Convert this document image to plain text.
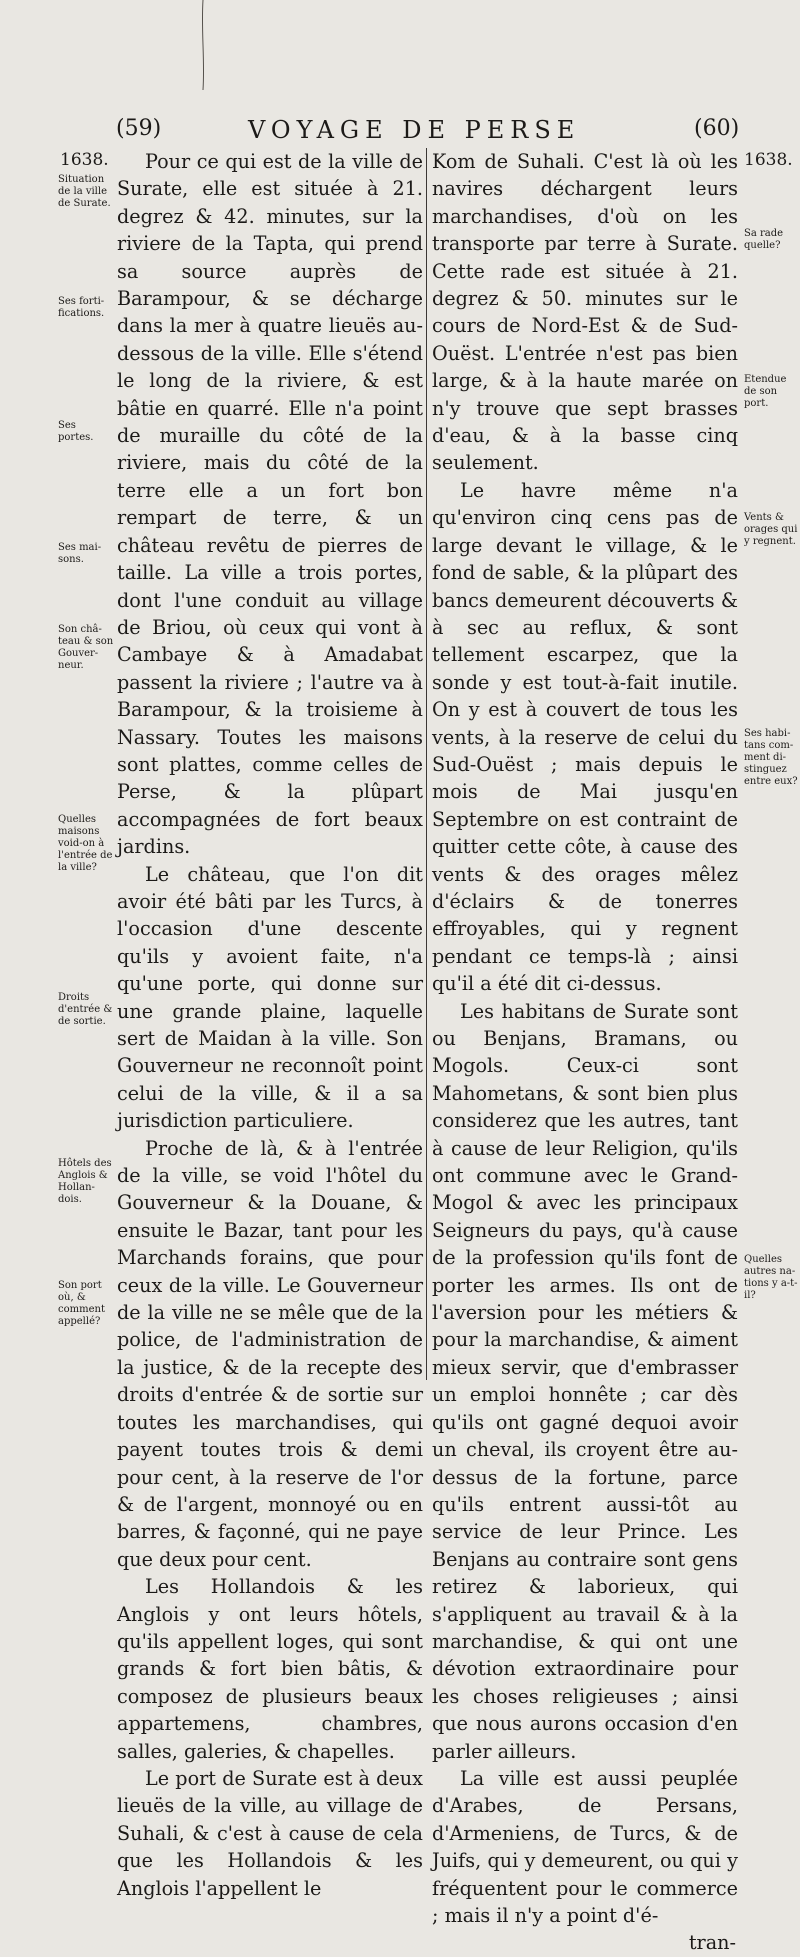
(59)	VOYAGE DE PERSE	(60)
1638.	1638.

Pour ce qui est de la ville de Surate, elle est située à 21. degrez & 42. minutes, sur la riviere de la Tapta, qui prend sa source auprès de Barampour, & se décharge dans la mer à quatre lieuës au-dessous de la ville. Elle s'étend le long de la riviere, & est bâtie en quarré. Elle n'a point de muraille du côté de la riviere, mais du côté de la terre elle a un fort bon rempart de terre, & un château revêtu de pierres de taille. La ville a trois portes, dont l'une conduit au village de Briou, où ceux qui vont à Cambaye & à Amadabat passent la riviere ; l'autre va à Barampour, & la troisieme à Nassary. Toutes les maisons sont plattes, comme celles de Perse, & la plûpart accompagnées de fort beaux jardins.

Le château, que l'on dit avoir été bâti par les Turcs, à l'occasion d'une descente qu'ils y avoient faite, n'a qu'une porte, qui donne sur une grande plaine, laquelle sert de Maidan à la ville. Son Gouverneur ne reconnoît point celui de la ville, & il a sa jurisdiction particuliere.

Proche de là, & à l'entrée de la ville, se void l'hôtel du Gouverneur & la Douane, & ensuite le Bazar, tant pour les Marchands forains, que pour ceux de la ville. Le Gouverneur de la ville ne se mêle que de la police, de l'administration de la justice, & de la recepte des droits d'entrée & de sortie sur toutes les marchandises, qui payent toutes trois & demi pour cent, à la reserve de l'or & de l'argent, monnoyé ou en barres, & façonné, qui ne paye que deux pour cent.

Les Hollandois & les Anglois y ont leurs hôtels, qu'ils appellent loges, qui sont grands & fort bien bâtis, & composez de plusieurs beaux appartemens, chambres, salles, galeries, & chapelles.

Le port de Surate est à deux lieuës de la ville, au village de Suhali, & c'est à cause de cela que les Hollandois & les Anglois l'appellent le

Kom de Suhali. C'est là où les navires déchargent leurs marchandises, d'où on les transporte par terre à Surate. Cette rade est située à 21. degrez & 50. minutes sur le cours de Nord-Est & de Sud-Ouëst. L'entrée n'est pas bien large, & à la haute marée on n'y trouve que sept brasses d'eau, & à la basse cinq seulement.

Le havre même n'a qu'environ cinq cens pas de large devant le village, & le fond de sable, & la plûpart des bancs demeurent découverts & à sec au reflux, & sont tellement escarpez, que la sonde y est tout-à-fait inutile. On y est à couvert de tous les vents, à la reserve de celui du Sud-Ouëst ; mais depuis le mois de Mai jusqu'en Septembre on est contraint de quitter cette côte, à cause des vents & des orages mêlez d'éclairs & de tonerres effroyables, qui y regnent pendant ce temps-là ; ainsi qu'il a été dit ci-dessus.

Les habitans de Surate sont ou Benjans, Bramans, ou Mogols. Ceux-ci sont Mahometans, & sont bien plus considerez que les autres, tant à cause de leur Religion, qu'ils ont commune avec le Grand-Mogol & avec les principaux Seigneurs du pays, qu'à cause de la profession qu'ils font de porter les armes. Ils ont de l'aversion pour les métiers & pour la marchandise, & aiment mieux servir, que d'embrasser un emploi honnête ; car dès qu'ils ont gagné dequoi avoir un cheval, ils croyent être au-dessus de la fortune, parce qu'ils entrent aussi-tôt au service de leur Prince. Les Benjans au contraire sont gens retirez & laborieux, qui s'appliquent au travail & à la marchandise, & qui ont une dévotion extraordinaire pour les choses religieuses ; ainsi que nous aurons occasion d'en parler ailleurs.

La ville est aussi peuplée d'Arabes, de Persans, d'Armeniens, de Turcs, & de Juifs, qui y demeurent, ou qui y fréquentent pour le commerce ; mais il n'y a point d'é-

tran-
Situation de la ville de Surate.
Ses forti-fications.
Ses portes.
Ses mai-sons.
Son châ-teau & son Gouver-neur.
Quelles maisons void-on à l'entrée de la ville?
Droits d'entrée & de sortie.
Hôtels des Anglois & Hollan-dois.
Son port où, & comment appellé?
Sa rade quelle?
Etendue de son port.
Vents & orages qui y regnent.
Ses habi-tans com-ment di-stinguez entre eux?
Quelles autres na-tions y a-t-il?
